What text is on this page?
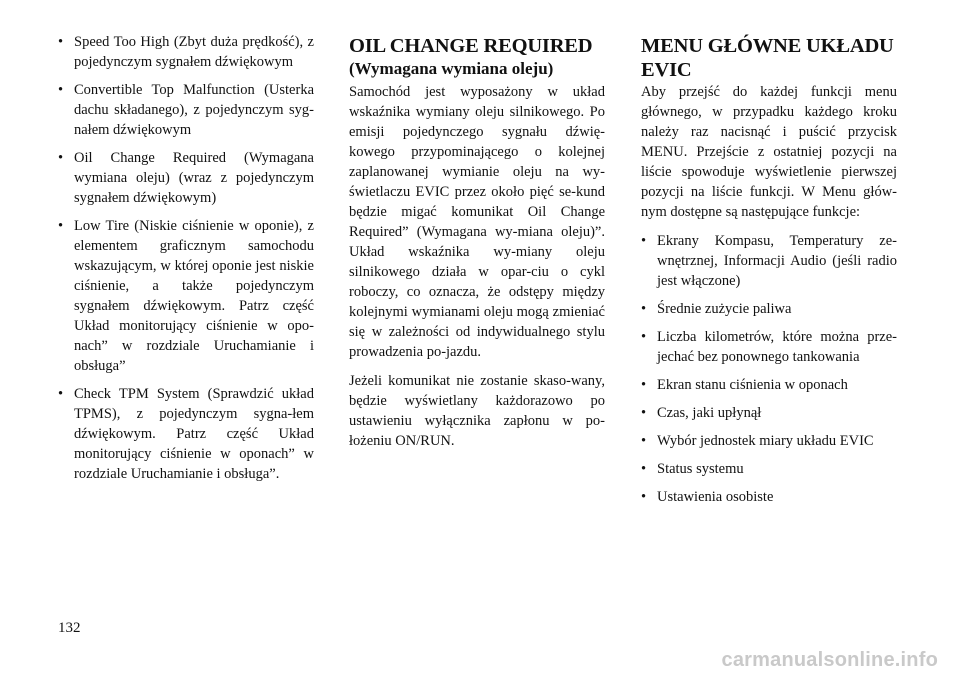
• Speed Too High (Zbyt duża prędkość), z pojedynczym sygnałem dźwiękowym
• Convertible Top Malfunction (Usterka dachu składanego), z pojedynczym syg-nałem dźwiękowym
• Oil Change Required (Wymagana wymiana oleju) (wraz z pojedynczym sygnałem dźwiękowym)
• Low Tire (Niskie ciśnienie w oponie), z elementem graficznym samochodu wskazującym, w której oponie jest niskie ciśnienie, a także pojedynczym sygnałem dźwiękowym. Patrz część Układ monitorujący ciśnienie w opo-nach” w rozdziale Uruchamianie i obsługa”
• Check TPM System (Sprawdzić układ TPMS), z pojedynczym sygna-łem dźwiękowym. Patrz część Układ monitorujący ciśnienie w oponach” w rozdziale Uruchamianie i obsługa”.
OIL CHANGE REQUIRED
(Wymagana wymiana oleju)

Samochód jest wyposażony w układ wskaźnika wymiany oleju silnikowego. Po emisji pojedynczego sygnału dźwię-kowego przypominającego o kolejnej zaplanowanej wymianie oleju na wy-świetlaczu EVIC przez około pięć se-kund będzie migać komunikat Oil Change Required” (Wymagana wy-miana oleju)”. Układ wskaźnika wy-miany oleju silnikowego działa w opar-ciu o cykl roboczy, co oznacza, że odstępy między kolejnymi wymianami oleju mogą zmieniać się w zależności od indywidualnego stylu prowadzenia po-jazdu.

Jeżeli komunikat nie zostanie skaso-wany, będzie wyświetlany każdorazowo po ustawieniu wyłącznika zapłonu w po-łożeniu ON/RUN.

MENU GŁÓWNE UKŁADU EVIC

Aby przejść do każdej funkcji menu głównego, w przypadku każdego kroku należy raz nacisnąć i puścić przycisk MENU. Przejście z ostatniej pozycji na liście spowoduje wyświetlenie pierwszej pozycji na liście funkcji. W Menu głów-nym dostępne są następujące funkcje:

• Ekrany Kompasu, Temperatury ze-wnętrznej, Informacji Audio (jeśli radio jest włączone)
• Średnie zużycie paliwa
• Liczba kilometrów, które można prze-jechać bez ponownego tankowania
• Ekran stanu ciśnienia w oponach
• Czas, jaki upłynął
• Wybór jednostek miary układu EVIC
• Status systemu
• Ustawienia osobiste
132
carmanualsonline.info
